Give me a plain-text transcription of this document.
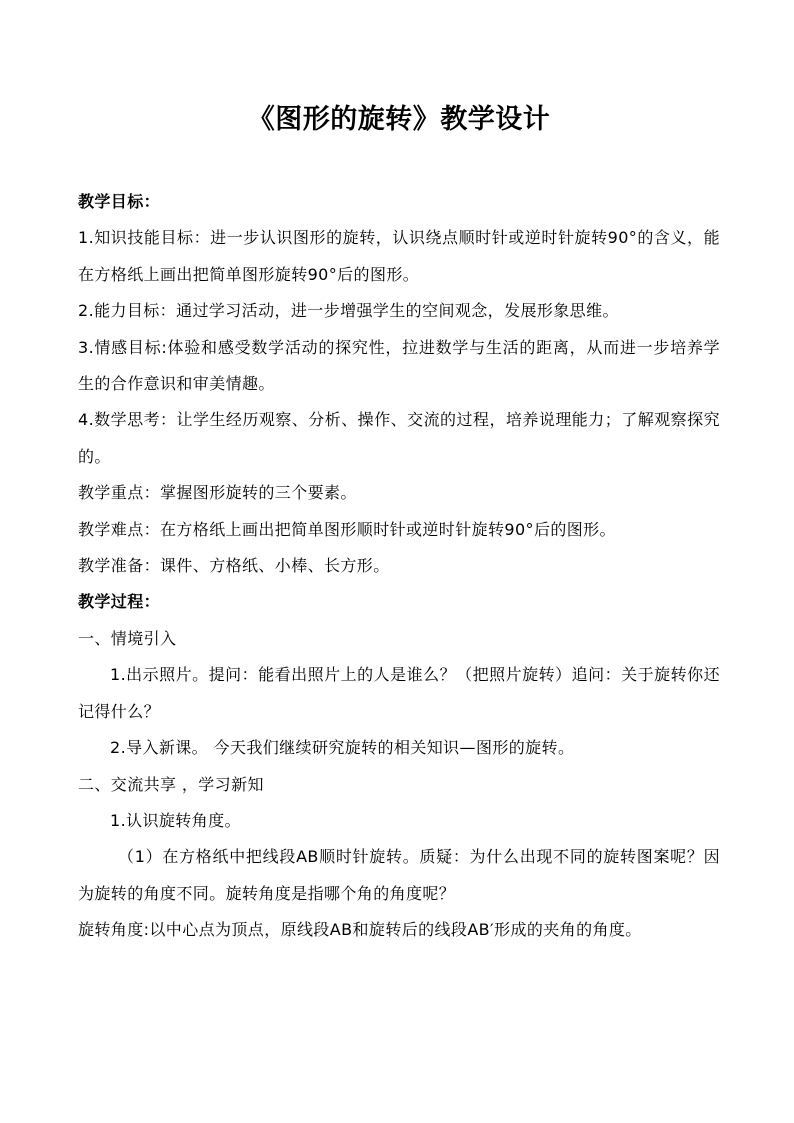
《图形的旋转》教学设计

教学目标：

1.知识技能目标：进一步认识图形的旋转，认识绕点顺时针或逆时针旋转90°的含义，能在方格纸上画出把简单图形旋转90°后的图形。

2.能力目标：通过学习活动，进一步增强学生的空间观念，发展形象思维。

3.情感目标:体验和感受数学活动的探究性，拉进数学与生活的距离，从而进一步培养学生的合作意识和审美情趣。

4.数学思考：让学生经历观察、分析、操作、交流的过程，培养说理能力；了解观察探究的。

教学重点：掌握图形旋转的三个要素。

教学难点：在方格纸上画出把简单图形顺时针或逆时针旋转90°后的图形。

教学准备：课件、方格纸、小棒、长方形。

教学过程：

一、情境引入

1.出示照片。提问：能看出照片上的人是谁么？（把照片旋转）追问：关于旋转你还记得什么？

2.导入新课。 今天我们继续研究旋转的相关知识—图形的旋转。

二、交流共享 ，学习新知

1.认识旋转角度。

（1）在方格纸中把线段AB顺时针旋转。质疑：为什么出现不同的旋转图案呢？因为旋转的角度不同。旋转角度是指哪个角的角度呢？

旋转角度:以中心点为顶点，原线段AB和旋转后的线段AB′形成的夹角的角度。
